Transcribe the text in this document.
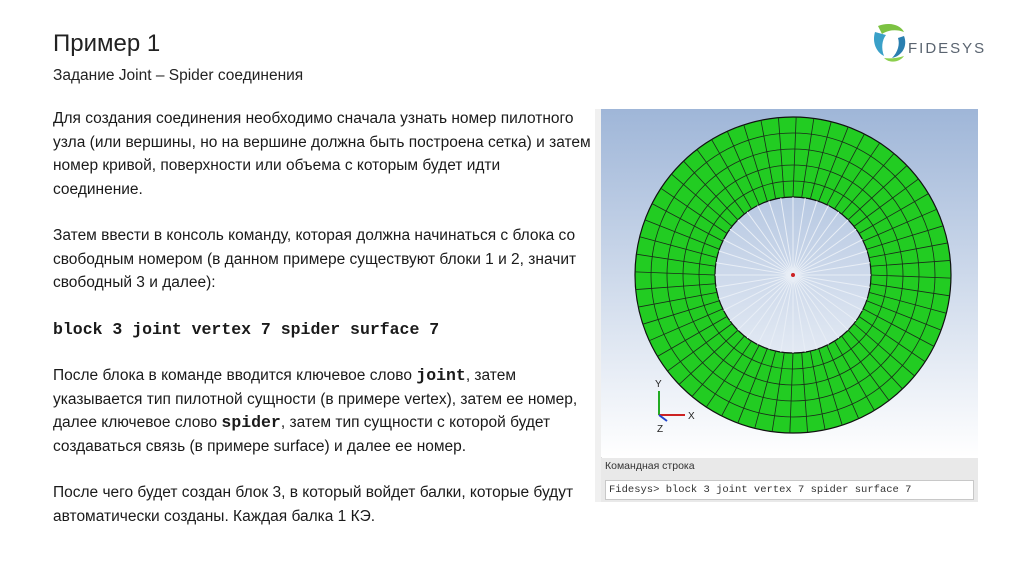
Пример 1
Задание Joint – Spider соединения
FIDESYS

Для создания соединения необходимо сначала узнать номер пилотного узла (или вершины, но на вершине должна быть построена сетка) и затем номер кривой, поверхности или объема с которым будет идти соединение.

Затем ввести в консоль команду, которая должна начинаться с блока со свободным номером (в данном примере существуют блоки 1 и 2, значит свободный 3 и далее):

block 3 joint vertex 7 spider surface 7

После блока в команде вводится ключевое слово joint, затем указывается тип пилотной сущности (в примере vertex), затем ее номер, далее ключевое слово spider, затем тип сущности с которой будет создаваться связь (в примере surface) и далее ее номер.

После чего будет создан блок 3, в который войдет балки, которые будут автоматически созданы. Каждая балка 1 КЭ.

Y
X
Z
Командная строка
Fidesys> block 3 joint vertex 7 spider surface 7
